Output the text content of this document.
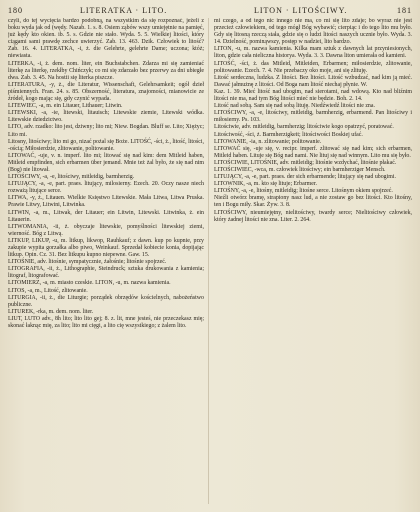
180	LITERATKA · LITO.	LITON · LITOŚCIWY.	181

czyli, do tej wycięcia bardzo podobną, na wszystkim da się rozpoznać, jeżeli z boku wyda jak od (wędy. Nazab. 1. s. 8. Osiem ząbów wszy umiejętnie na pamięć, już kędy kto okien. ib. 5. s. Gdzie nie stało. Wyda. 5. 5. Wielkiej litości, który ciągami sami prawdę zechce uwierzyć. Zab. 13. 463. Dzik. Człowiek to litość? Zab. 16. 4. LITERATKA, -i, ż. die Gelehrte, gelehrte Dame; uczona; któż; niewiasta.

LITERKA, -i, ż. dem. nom. liter, ein Buchstabchen. Zdarza mi się zamieniać literkę za literkę, rzekłby Chińczyk; co mi się zdarzało bez przerwy za dni ubiegłe dwa. Zab. 3. 45. Na hostii się literka piszcze.

LITERATURA, -y, ż., die Literatur, Wissenschaft, Gelehrsamkeit; ogół dzieł piśmiennych. Fran. 24. s. 85. Obszerność, literatura, znajomości, mianowicie ze źródeł, kogo mając się, gdy czynić wypada.

LITEWIEC, -a, m. ein Litauer, Lithauer; Litwin.

LITEWSKI, -a, -ie, litewski, litauisch; Litewskie ziemie, Litewski wódka. Litewskie dziedzictwo.

LITO, adv. rzadko: lito jest, dziwny; lito mi; Niew. Bogdan. Bluff se. Lito; Xiężyc; Lito mi.

Litosny, litościwy; lito mi go, nizać pożal się Boże. LITOŚĆ, -ści, ż., litość, litości, -ością; Miłosierdzie, zlitowanie, politowanie.

LITOWAĆ, -uje, v. n. imperf. lito mi; litować się nad kim: dem Mitleid haben, Mitleid empfinden, sich erbarmen über jemand. Mnie też żal było, że się nad nim (Bog) nie litował.

LITOŚCIWY, -a, -e, litościwy, mitleidig, barmherzig.

LITUJĄCY, -a, -e, part. praes. litujący, milosierny. Ezech. 20. Oczy nasze niech rozważą litujące serce.

LITWA, -y, ż., Litauen. Wielkie Księstwo Litewskie. Mała Litwa, Litwa Pruska. Prawie Litwy, Litwini, Litwinka.

LITWIN, -a, m., Litwak, der Litauer; ein Litwin, Litewski. Litwinka, ż. ein Litauerin.

LITWOMANIA, -ii, ż. obyczaje litewskie, pomyślności litewskiej ziemi, wierność. Bóg z Litwą.

LITKUP, LIKUP, -u, m. litkup, likwop, Rauhkauf; z dawn. kup po kupnie, przy zakupie wypita gorzałka albo piwo, Weinkauf. Sprzedał kobiecie konia, dopijając litkup. Opin. Cz. 31. Bez litkupu kupno niepewne. Gaw. 15.

LITOŚNIE, adv. litośnie, sympatycznie, żałośnie; litośnie spojrzeć.

LITOGRAFIA, -ii, ż., Lithographie, Steindruck; sztuka drukowania z kamienia; litograf, litografować.

LITOMIERZ, -a, m. miasto czeskie. LITON, -u, m. nazwa kamienia.

LITOS, -a, m., Litość, zlitowanie.

LITURGIA, -ii, ż., die Liturgie; porządek obrzędów kościelnych, nabożeństwo publiczne.

LITUREK, -rka, m. dem. nom. liter.

LIUT, LUTO adv., 8h lito; lito lito gej; 8. z. lit, mne jesteś, nie przeczekasz mię; skonać łaknąc mię, za lito; lito mi cięgi, a lito cię wszystkiego; z żalem lito.

mi czego, a od tego nic innego nie ma, co mi się lito zdaje; bo wyraz nie jest przecież człowiekiem, od tego mógł Bóg wybawić; cierpiąc i do tego lito mu było. Gdy się litosną rzeczą stała, gdzie się o ludzi litości naszych ucznie było. Wyda. 3. 14. Dzielność, pominąwszy, postęp w nadziei, lito bardzo.

LITON, -u, m. nazwa kamienia. Kilka mam sztuk z dawnych lat przyniesionych, liton, gdzie cała nieliczna historya. Wyda. 3. 3. Dawna liton umierała od kamieni.

LITOŚĆ, -ści, ż. das Mitleid, Mitleiden, Erbarmen; miłosierdzie, zlitowanie, politowanie. Ezech. 7. 4. Nie przebaczy oko moje, ani się zlituję.

Litość serdeczna, ludzka. Z litości. Bez litości. Litość wzbudzać, nad kim ją mieć. Dawać jałmużnę z litości. Od Boga nam litość niechaj płynie. W.

Kaz. 1. 39. Mieć litość nad ubogim, nad sierotami, nad wdową. Kto nad bliźnim litości nie ma, nad tym Bóg litości mieć nie będzie. Boh. 2. 14.

Litość nad sobą. Sam się nad sobą lituję. Niedźwiedź litości nie zna.

LITOŚCIWY, -a, -e, litościwy, mitleidig, barmherzig, erbarmend. Pan litościwy i miłosierny. Ps. 103.

Litościwie, adv. mitleidig, barmherzig; litościwie kogo opatrzyć, poratować.

Litościwość, -ści, ż. Barmherzigkeit; litościwości Boskiej ufać.

LITOWANIE, -ia, n. zlitowanie; politowanie.

LITOWAĆ się, -uje się, v. recipr. imperf. zlitować się nad kim; sich erbarmen, Mitleid haben. Lituje się Bóg nad nami. Nie lituj się nad winnym. Lito mu się było.

LITOŚCIWIE, LITOŚNIE, adv. mitleidig; litośnie wzdychać, litośnie płakać.

LITOŚCIWIEC, -wca, m. człowiek litościwy; ein barmherziger Mensch.

LITUJĄCY, -a, -e, part. praes. der sich erbarmende; litujący się nad ubogimi.

LITOWNIK, -a, m. kto się lituje; Erbarmer.

LITOŚNY, -a, -e, litośny, mitleidig; litośne serce. Litośnym okiem spojrzeć.

Nieźli otwórz bramę, strapiony nasz lud, a nie zostaw go bez litości. Kto litośny, ten i Bogu miły. Skar. Żyw. 3. 8.

LITOŚCIWY, nieumiejętny, nielitościwy, twardy serce; Nielitościwy człowiek, który żadnej litości nie zna. Liter. 2. 264.
